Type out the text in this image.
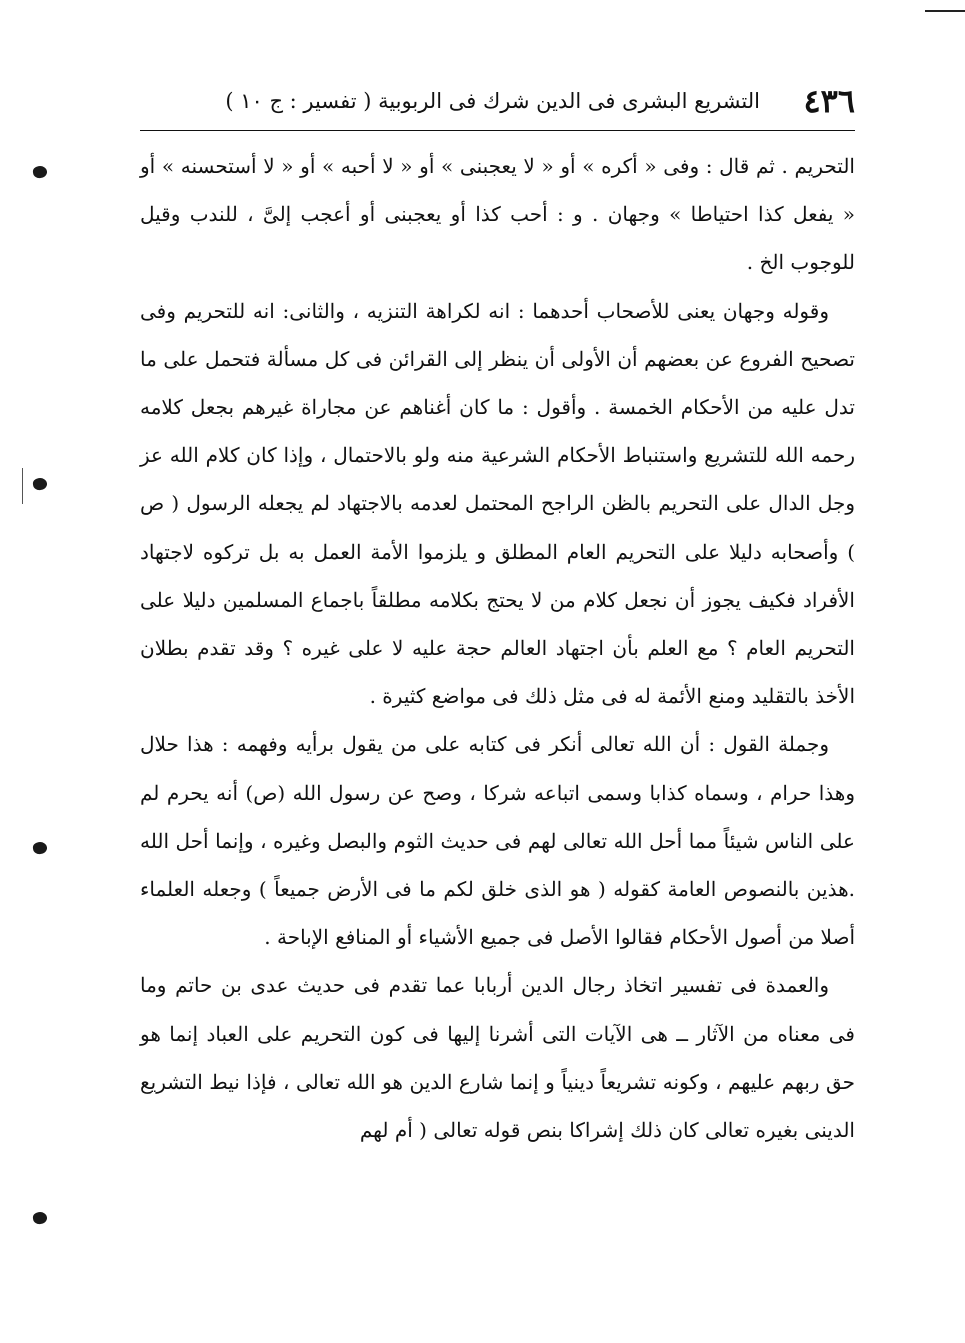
٤٣٦
التشريع البشرى فى الدين شرك فى الربوبية ( تفسير : ج ١٠ )

التحريم . ثم قال : وفى « أكره » أو « لا يعجبنى » أو « لا أحبه » أو « لا أستحسنه » أو « يفعل كذا احتياطا » وجهان . و : أحب كذا أو يعجبنى أو أعجب إلىَّ ، للندب وقيل للوجوب الخ .

وقوله وجهان يعنى للأصحاب أحدهما : انه لكراهة التنزيه ، والثانى: انه للتحريم وفى تصحيح الفروع عن بعضهم أن الأولى أن ينظر إلى القرائن فى كل مسألة فتحمل على ما تدل عليه من الأحكام الخمسة . وأقول : ما كان أغناهم عن مجاراة غيرهم بجعل كلامه رحمه الله للتشريع واستنباط الأحكام الشرعية منه ولو بالاحتمال ، وإذا كان كلام الله عز وجل الدال على التحريم بالظن الراجح المحتمل لعدمه بالاجتهاد لم يجعله الرسول ( ص ) وأصحابه دليلا على التحريم العام المطلق و يلزموا الأمة العمل به بل تركوه لاجتهاد الأفراد فكيف يجوز أن نجعل كلام من لا يحتج بكلامه مطلقاً باجماع المسلمين دليلا على التحريم العام ؟ مع العلم بأن اجتهاد العالم حجة عليه لا على غيره ؟ وقد تقدم بطلان الأخذ بالتقليد ومنع الأئمة له فى مثل ذلك فى مواضع كثيرة .

وجملة القول : أن الله تعالى أنكر فى كتابه على من يقول برأيه وفهمه : هذا حلال وهذا حرام ، وسماه كذابا وسمى اتباعه شركا ، وصح عن رسول الله (ص) أنه يحرم لم على الناس شيئاً مما أحل الله تعالى لهم فى حديث الثوم والبصل وغيره ، وإنما أحل الله .هذين بالنصوص العامة كقوله ( هو الذى خلق لكم ما فى الأرض جميعاً ) وجعله العلماء أصلا من أصول الأحكام فقالوا الأصل فى جميع الأشياء أو المنافع الإباحة .

والعمدة فى تفسير اتخاذ رجال الدين أربابا عما تقدم فى حديث عدى بن حاتم وما فى معناه من الآثار ــ هى الآيات التى أشرنا إليها فى كون التحريم على العباد إنما هو حق ربهم عليهم ، وكونه تشريعاً دينياً و إنما شارع الدين هو الله تعالى ، فإذا نيط التشريع الدينى بغيره تعالى كان ذلك إشراكا بنص قوله تعالى ( أم لهم
